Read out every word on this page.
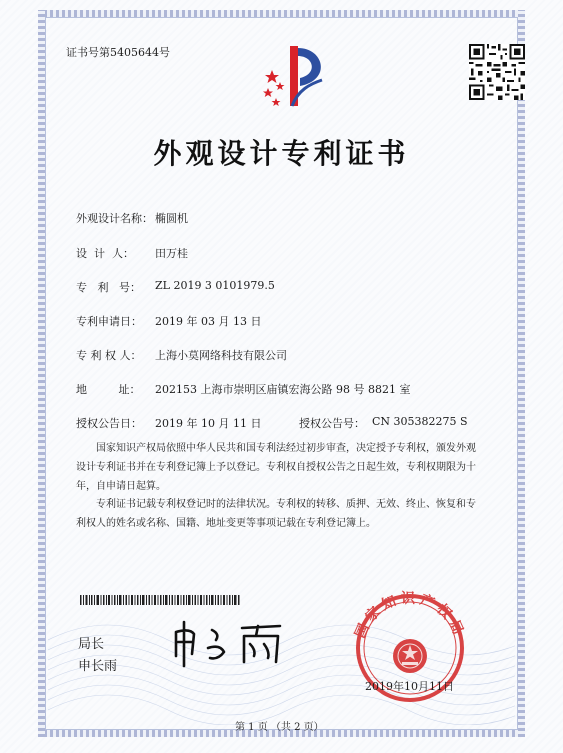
证书号第5405644号
外观设计专利证书
外观设计名称： 椭圆机
设  计  人： 田万桂
专   利   号： ZL 2019 3 0101979.5
专利申请日： 2019 年 03 月 13 日
专 利 权 人： 上海小莫网络科技有限公司
地         址： 202153 上海市崇明区庙镇宏海公路 98 号 8821 室
授权公告日： 2019 年 10 月 11 日	授权公告号： CN 305382275 S
国家知识产权局依照中华人民共和国专利法经过初步审查，决定授予专利权，颁发外观
设计专利证书并在专利登记簿上予以登记。专利权自授权公告之日起生效，专利权期限为十
年，自申请日起算。
专利证书记载专利权登记时的法律状况。专利权的转移、质押、无效、终止、恢复和专
利权人的姓名或名称、国籍、地址变更等事项记载在专利登记簿上。
局长
申长雨
国家知识产权局
2019年10月11日
第 1 页 （共 2 页）
